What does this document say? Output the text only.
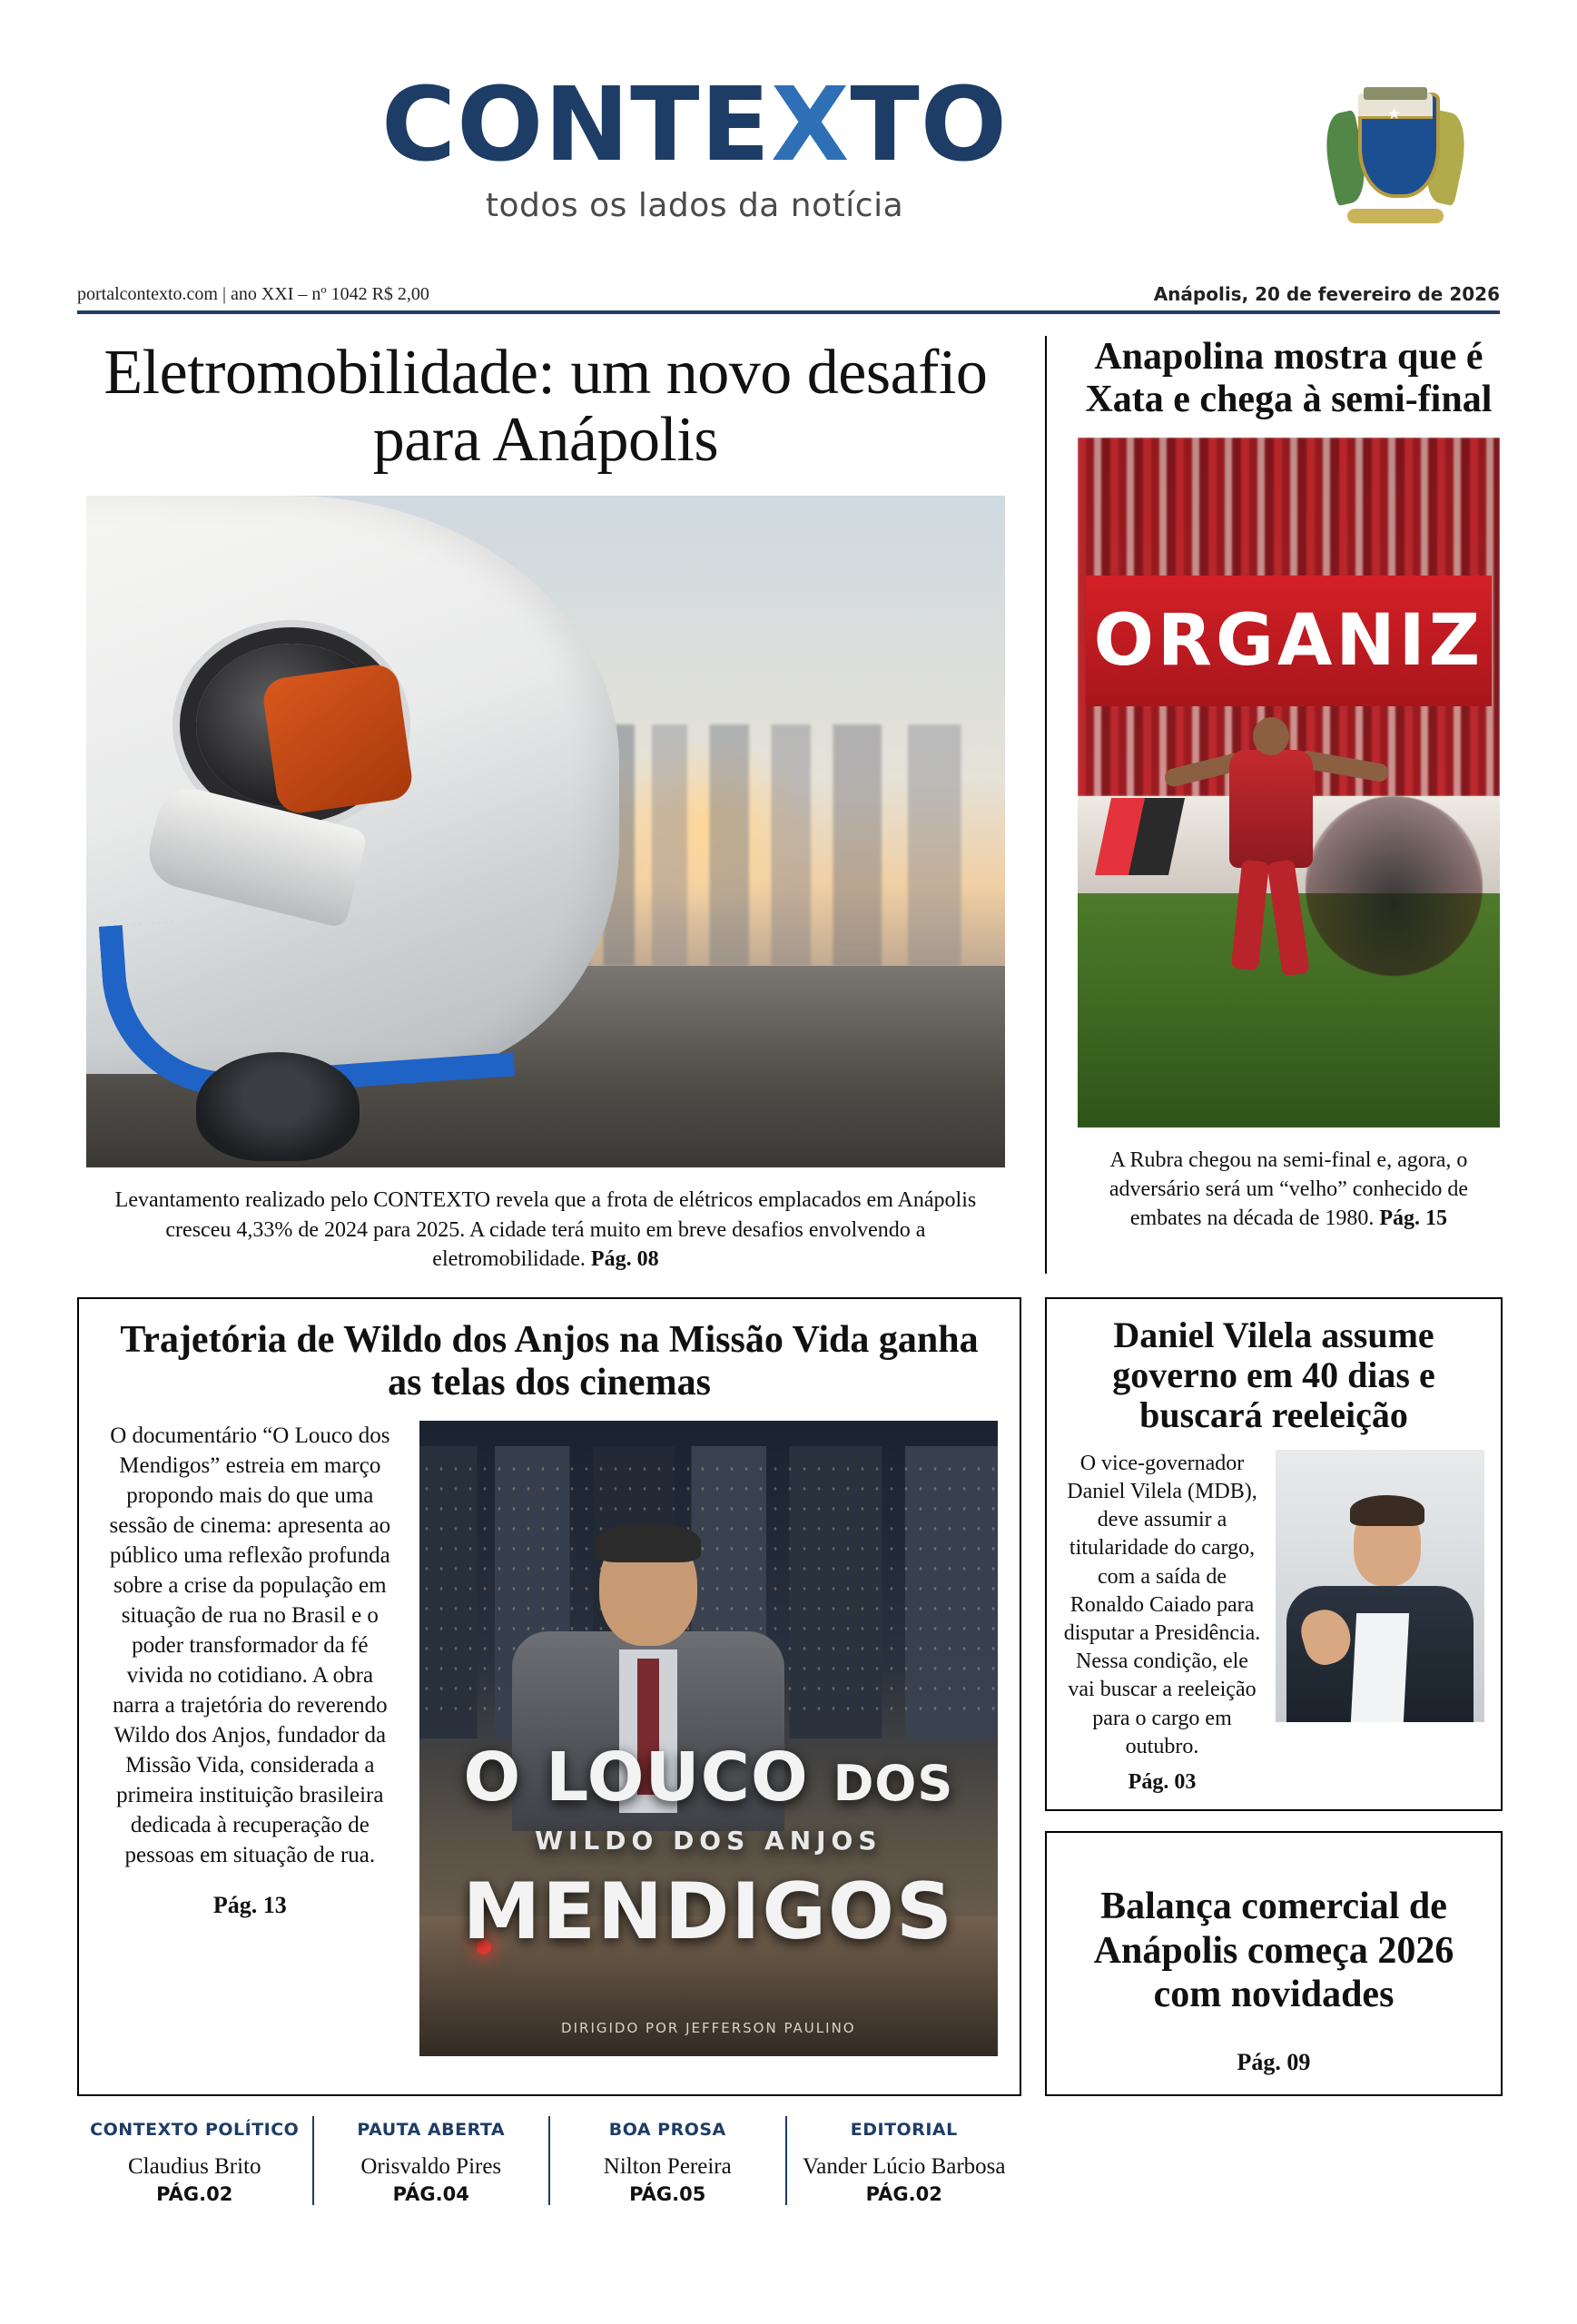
CONTEXTO
todos os lados da notícia
★
portalcontexto.com | ano XXI – nº 1042 R$ 2,00	Anápolis, 20 de fevereiro de 2026
Eletromobilidade: um novo desafio para Anápolis
Levantamento realizado pelo CONTEXTO revela que a frota de elétricos emplacados em Anápolis cresceu 4,33% de 2024 para 2025. A cidade terá muito em breve desafios envolvendo a eletromobilidade. Pág. 08
Anapolina mostra que é Xata e chega à semi-final
ORGANIZ
A Rubra chegou na semi-final e, agora, o adversário será um “velho” conhecido de embates na década de 1980. Pág. 15
Trajetória de Wildo dos Anjos na Missão Vida ganha as telas dos cinemas
O documentário “O Louco dos Mendigos” estreia em março propondo mais do que uma sessão de cinema: apresenta ao público uma reflexão profunda sobre a crise da população em situação de rua no Brasil e o poder transformador da fé vivida no cotidiano. A obra narra a trajetória do reverendo Wildo dos Anjos, fundador da Missão Vida, considerada a primeira instituição brasileira dedicada à recuperação de pessoas em situação de rua.
Pág. 13
O LOUCO DOS
WILDO DOS ANJOS
MENDIGOS
DIRIGIDO POR JEFFERSON PAULINO
Daniel Vilela assume governo em 40 dias e buscará reeleição
O vice-governador Daniel Vilela (MDB), deve assumir a titularidade do cargo, com a saída de Ronaldo Caiado para disputar a Presidência. Nessa condição, ele vai buscar a reeleição para o cargo em outubro.
Pág. 03
Balança comercial de Anápolis começa 2026 com novidades
Pág. 09
CONTEXTO POLÍTICO
Claudius Brito
PÁG.02
PAUTA ABERTA
Orisvaldo Pires
PÁG.04
BOA PROSA
Nilton Pereira
PÁG.05
EDITORIAL
Vander Lúcio Barbosa
PÁG.02
